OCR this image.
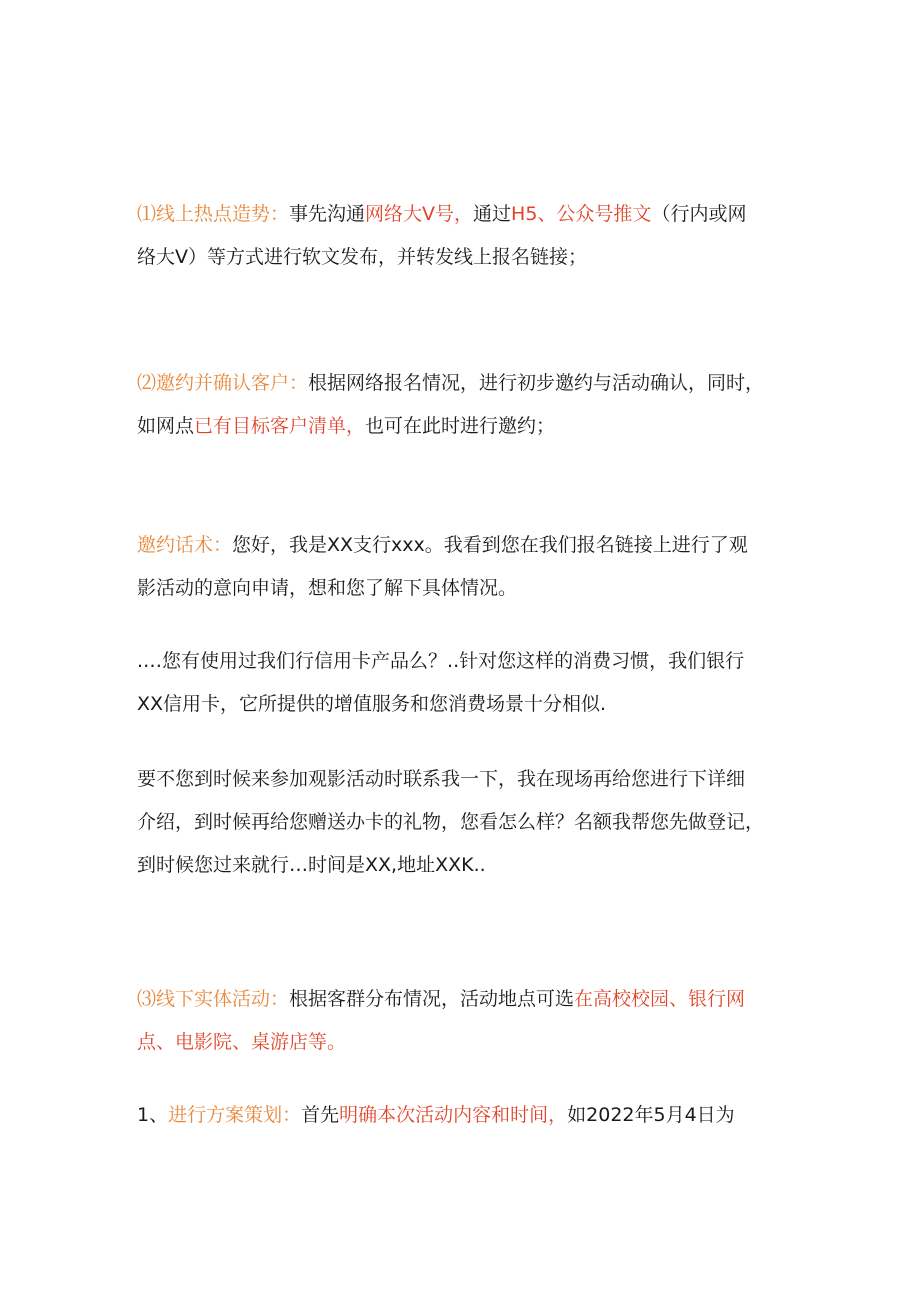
⑴线上热点造势：事先沟通网络大V号，通过H5、公众号推文（行内或网
络大V）等方式进行软文发布，并转发线上报名链接；

⑵邀约并确认客户：根据网络报名情况，进行初步邀约与活动确认，同时，
如网点已有目标客户清单，也可在此时进行邀约；

邀约话术：您好，我是XX支行xxx。我看到您在我们报名链接上进行了观
影活动的意向申请，想和您了解下具体情况。

.…您有使用过我们行信用卡产品么？..针对您这样的消费习惯，我们银行
XX信用卡，它所提供的增值服务和您消费场景十分相似.

要不您到时候来参加观影活动时联系我一下，我在现场再给您进行下详细
介绍，到时候再给您赠送办卡的礼物，您看怎么样？名额我帮您先做登记，
到时候您过来就行…时间是XX,地址XXK..

⑶线下实体活动：根据客群分布情况，活动地点可选在高校校园、银行网
点、电影院、桌游店等。

1、进行方案策划：首先明确本次活动内容和时间，如2022年5月4日为
